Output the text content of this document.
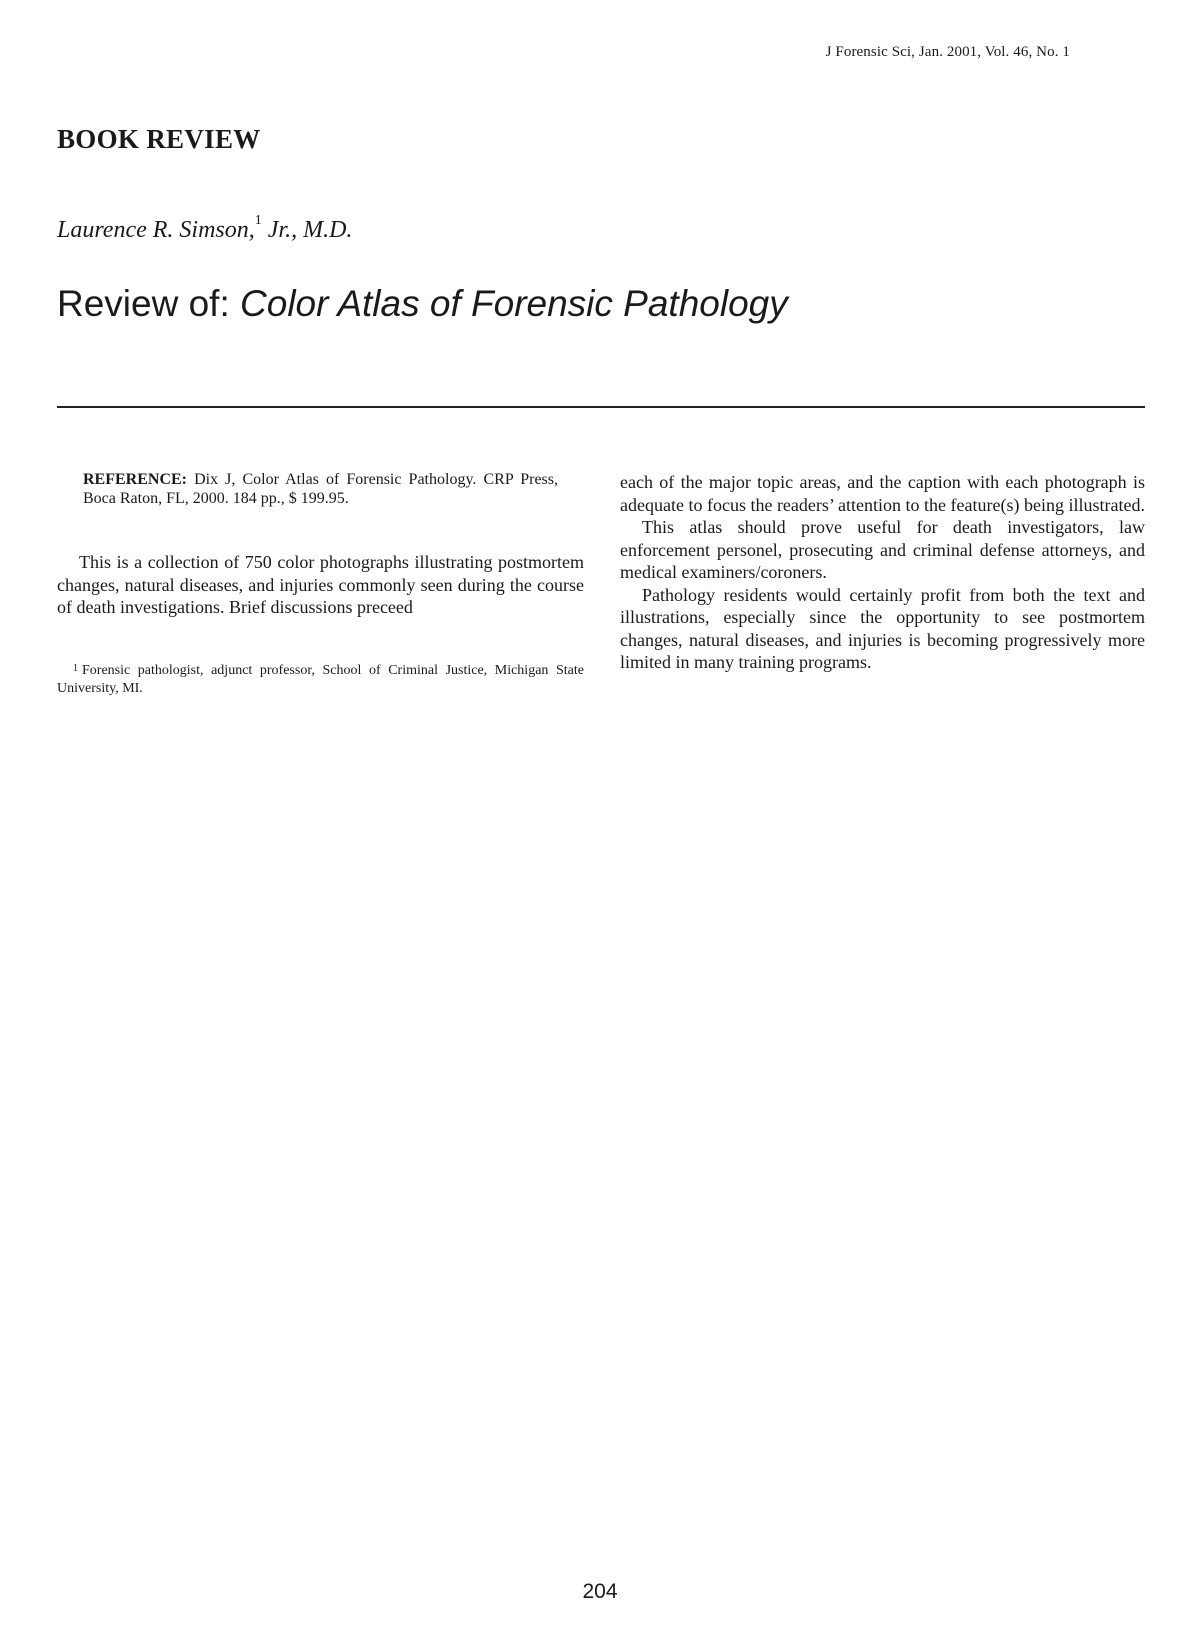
J Forensic Sci, Jan. 2001, Vol. 46, No. 1
BOOK REVIEW
Laurence R. Simson,$^1$ Jr., M.D.
Review of: Color Atlas of Forensic Pathology
REFERENCE: Dix J, Color Atlas of Forensic Pathology. CRP Press, Boca Raton, FL, 2000. 184 pp., $ 199.95.
This is a collection of 750 color photographs illustrating postmortem changes, natural diseases, and injuries commonly seen during the course of death investigations. Brief discussions preceed
$^1$ Forensic pathologist, adjunct professor, School of Criminal Justice, Michigan State University, MI.

each of the major topic areas, and the caption with each photograph is adequate to focus the readers’ attention to the feature(s) being illustrated.

This atlas should prove useful for death investigators, law enforcement personel, prosecuting and criminal defense attorneys, and medical examiners/coroners.

Pathology residents would certainly profit from both the text and illustrations, especially since the opportunity to see postmortem changes, natural diseases, and injuries is becoming progressively more limited in many training programs.

204
